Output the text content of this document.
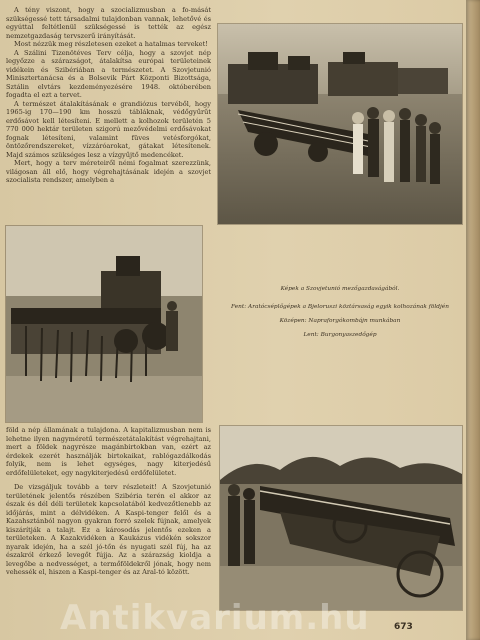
A tény viszont, hogy a szocializmusban a fo-mását szükségessé tett társadalmi tulajdonban vannak, lehetővé és egyúttal feltétlenül szükségessé is tették az egész nemzetgazdaság tervszerű irányítását.

Most nézzük meg részletesen ezeket a hatalmas terveket!

A Szálini Tizenötéves Terv célja, hogy a szovjet nép legyőzze a szárazságot, átalakítsa európai területeinek vidékein és Szibériában a természetet. A Szovjetunió Minisztertanácsa és a Bolsevik Párt Központi Bizottsága, Sztálin elvtárs kezdeményezésére 1948. októberében fogadta el ezt a tervet.

A természet átalakításának e grandiózus tervéből, hogy 1965-ig 170—190 km hosszú tábláknak, védőgyűrűt erdősávot kell létesíteni. E mellett a kolhozok területén 5 770 000 hektár területen szigorú mezővédelmi erdősávokat fognak létesíteni, valamint füves vetésforgókat, öntözőrendszereket, vízzáróarokat, gátakat létesítenek. Majd számos szükséges lesz a vízgyűjtő medencéket.

Mert, hogy a terv méreteiről némi fogalmat szerezzünk, világosan áll elő, hogy végrehajtásának idején a szovjet szocialista rendszer, amelyben a

Képek a Szovjetunió mezőgazdaságából.
Fent: Aratócséplőgépek a Bjeloruszi köztársaság egyik kolhozának földjén
Középen: Napraforgókombájn munkában
Lent: Burgonyaszedőgép

föld a nép államának a tulajdona. A kapitalizmusban nem is lehetne ilyen nagyméretű természetátalakítást végrehajtani, mert a földek nagyrésze magánbirtokban van, ezért az érdekek ezerét használják birtokaikat, rablógazdálkodás folyik, nem is lehet egységes, nagy kiterjedésű erdőfelületeket, egy nagykiterjedésű erdőfelületet.

De vizsgáljuk tovább a terv részleteit! A Szovjetunió területének jelentős részében Szibéria terén el akkor az észak és dél déli területek kapcsolatából kedvezőtlenebb az időjárás, mint a délvidéken. A Kaspi-tenger felől és a Kazahsztánból nagyon gyakran forró szelek fújnak, amelyek kiszárítják a talajt. Ez a károsodás jelentős ezeken a területeken. A Kazakvidéken a Kaukázus vidékén sokszor nyarak idején, ha a szél jó-tőn és nyugati szél fúj, ha az északról érkező levegőt fújja. Az a szárazság kioldja a levegőbe a nedvességet, a termőföldekről jónak, hogy nem vehessék el, hiszen a Kaspi-tenger és az Aral-tó között.

673
Antikvarium.hu
